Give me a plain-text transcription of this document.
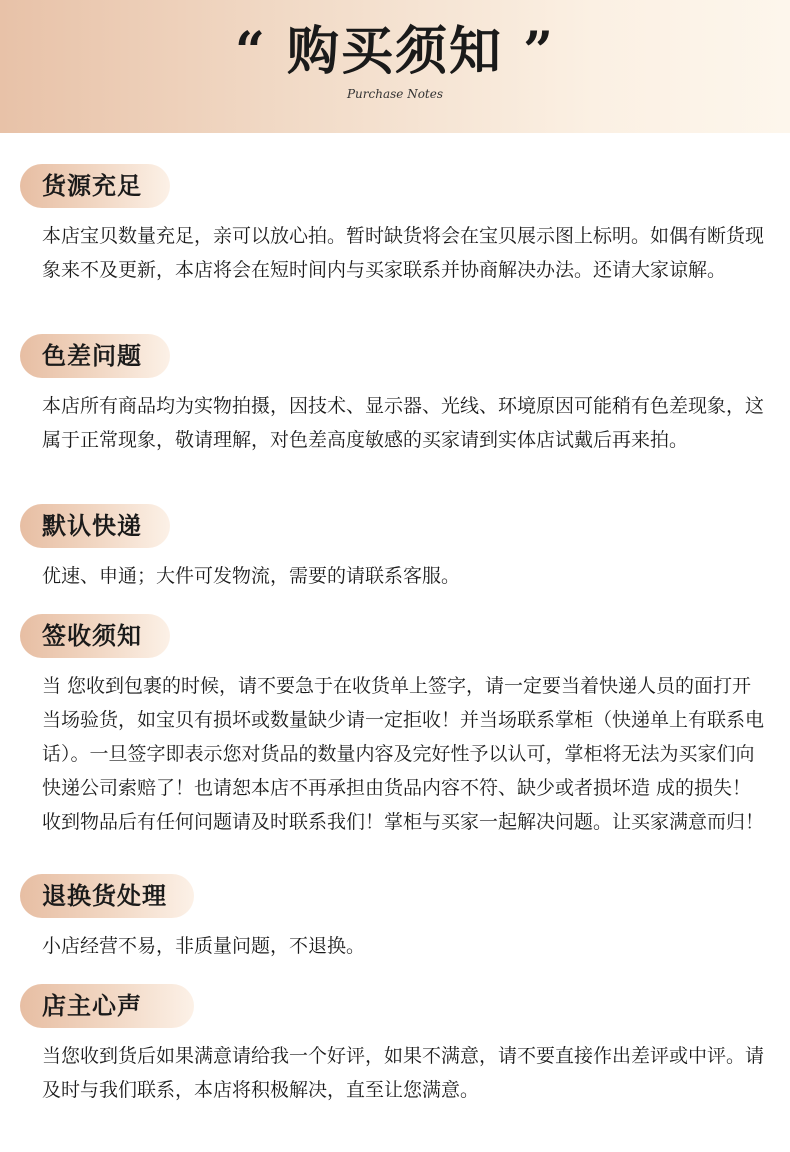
“ 购买须知 ”
Purchase Notes
货源充足
本店宝贝数量充足，亲可以放心拍。暂时缺货将会在宝贝展示图上标明。如偶有断货现象来不及更新，本店将会在短时间内与买家联系并协商解决办法。还请大家谅解。
色差问题
本店所有商品均为实物拍摄，因技术、显示器、光线、环境原因可能稍有色差现象，这属于正常现象，敬请理解，对色差高度敏感的买家请到实体店试戴后再来拍。
默认快递
优速、申通；大件可发物流，需要的请联系客服。
签收须知
当 您收到包裹的时候，请不要急于在收货单上签字，请一定要当着快递人员的面打开当场验货，如宝贝有损坏或数量缺少请一定拒收！并当场联系掌柜（快递单上有联系电话）。一旦签字即表示您对货品的数量内容及完好性予以认可，掌柜将无法为买家们向快递公司索赔了！也请恕本店不再承担由货品内容不符、缺少或者损坏造 成的损失！收到物品后有任何问题请及时联系我们！掌柜与买家一起解决问题。让买家满意而归！
退换货处理
小店经营不易，非质量问题，不退换。
店主心声
当您收到货后如果满意请给我一个好评，如果不满意，请不要直接作出差评或中评。请及时与我们联系，本店将积极解决，直至让您满意。
